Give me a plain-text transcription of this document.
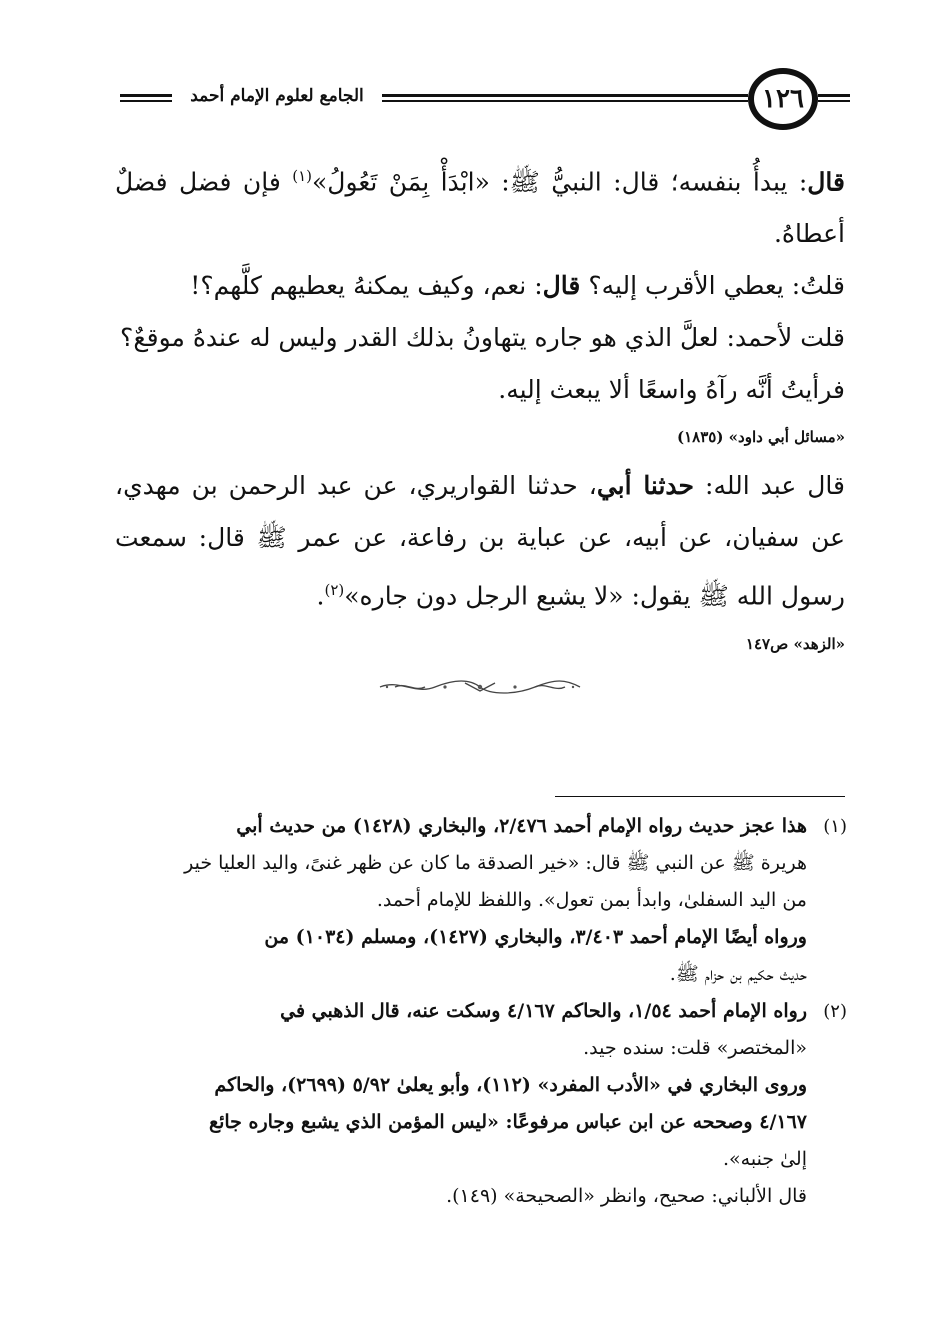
١٢٦
الجامع لعلوم الإمام أحمد

قال: يبدأُ بنفسه؛ قال: النبيُّ ﷺ: «ابْدَأْ بِمَنْ تَعُولُ»$^{(١)}$ فإن فضل فضلٌ أعطاهُ.

قلتُ: يعطي الأقرب إليه؟ قال: نعم، وكيف يمكنهُ يعطيهم كلَّهم؟!

قلت لأحمد: لعلَّ الذي هو جاره يتهاونُ بذلك القدر وليس له عندهُ موقعٌ؟

فرأيتُ أنَّه رآهُ واسعًا ألا يبعث إليه.

«مسائل أبي داود» (١٨٣٥)

قال عبد الله: حدثنا أبي، حدثنا القواريري، عن عبد الرحمن بن مهدي، عن سفيان، عن أبيه، عن عباية بن رفاعة، عن عمر ﷺ قال: سمعت رسول الله ﷺ يقول: «لا يشبع الرجل دون جاره»$^{(٢)}$.

«الزهد» ص١٤٧
(١)

هذا عجز حديث رواه الإمام أحمد ٢/٤٧٦، والبخاري (١٤٢٨) من حديث أبي

هريرة ﷺ عن النبي ﷺ قال: «خير الصدقة ما كان عن ظهر غنىً، واليد العليا خير

من اليد السفلىٰ، وابدأ بمن تعول». واللفظ للإمام أحمد.

ورواه أيضًا الإمام أحمد ٣/٤٠٣، والبخاري (١٤٢٧)، ومسلم (١٠٣٤) من

حديث حكيم بن حزام ﷺ.

(٢)

رواه الإمام أحمد ١/٥٤، والحاكم ٤/١٦٧ وسكت عنه، قال الذهبي في

«المختصر» قلت: سنده جيد.

وروى البخاري في «الأدب المفرد» (١١٢)، وأبو يعلىٰ ٥/٩٢ (٢٦٩٩)، والحاكم

٤/١٦٧ وصححه عن ابن عباس مرفوعًا: «ليس المؤمن الذي يشبع وجاره جائع

إلىٰ جنبه».

قال الألباني: صحيح، وانظر «الصحيحة» (١٤٩).
